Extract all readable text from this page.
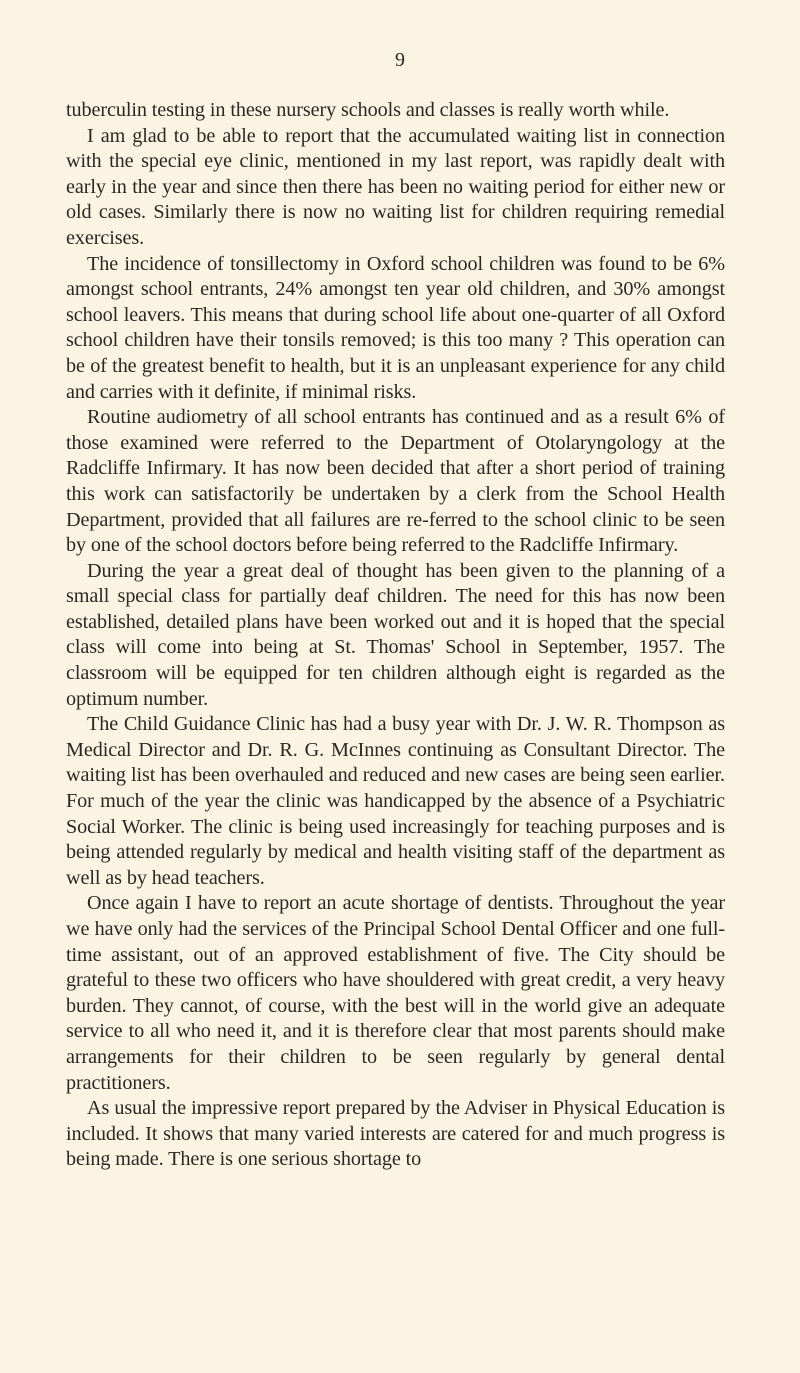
9

tuberculin testing in these nursery schools and classes is really worth while.

I am glad to be able to report that the accumulated waiting list in connection with the special eye clinic, mentioned in my last report, was rapidly dealt with early in the year and since then there has been no waiting period for either new or old cases. Similarly there is now no waiting list for children requiring remedial exercises.

The incidence of tonsillectomy in Oxford school children was found to be 6% amongst school entrants, 24% amongst ten year old children, and 30% amongst school leavers. This means that during school life about one-quarter of all Oxford school children have their tonsils removed; is this too many ? This operation can be of the greatest benefit to health, but it is an unpleasant experience for any child and carries with it definite, if minimal risks.

Routine audiometry of all school entrants has continued and as a result 6% of those examined were referred to the Department of Otolaryngology at the Radcliffe Infirmary. It has now been decided that after a short period of training this work can satisfactorily be undertaken by a clerk from the School Health Department, provided that all failures are re-ferred to the school clinic to be seen by one of the school doctors before being referred to the Radcliffe Infirmary.

During the year a great deal of thought has been given to the planning of a small special class for partially deaf children. The need for this has now been established, detailed plans have been worked out and it is hoped that the special class will come into being at St. Thomas' School in September, 1957. The classroom will be equipped for ten children although eight is regarded as the optimum number.

The Child Guidance Clinic has had a busy year with Dr. J. W. R. Thompson as Medical Director and Dr. R. G. McInnes continuing as Consultant Director. The waiting list has been overhauled and reduced and new cases are being seen earlier. For much of the year the clinic was handicapped by the absence of a Psychiatric Social Worker. The clinic is being used increasingly for teaching purposes and is being attended regularly by medical and health visiting staff of the department as well as by head teachers.

Once again I have to report an acute shortage of dentists. Throughout the year we have only had the services of the Principal School Dental Officer and one full-time assistant, out of an approved establishment of five. The City should be grateful to these two officers who have shouldered with great credit, a very heavy burden. They cannot, of course, with the best will in the world give an adequate service to all who need it, and it is therefore clear that most parents should make arrangements for their children to be seen regularly by general dental practitioners.

As usual the impressive report prepared by the Adviser in Physical Education is included. It shows that many varied interests are catered for and much progress is being made. There is one serious shortage to
